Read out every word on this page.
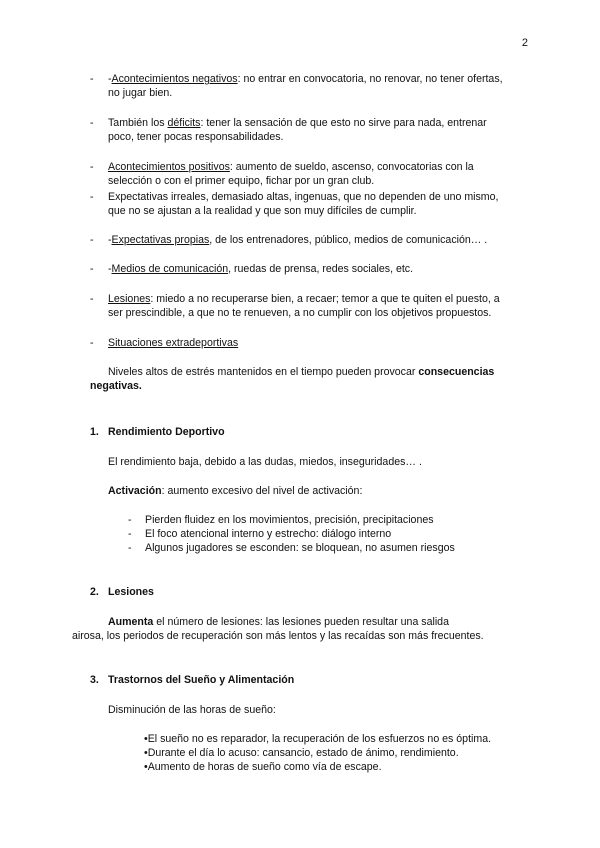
2
-	-Acontecimientos negativos: no entrar en convocatoria, no renovar, no tener ofertas,
no jugar bien.
-	También los déficits: tener la sensación de que esto no sirve para nada, entrenar
poco, tener pocas responsabilidades.
-	Acontecimientos positivos: aumento de sueldo, ascenso, convocatorias con la
selección o con el primer equipo, fichar por un gran club.
-	Expectativas irreales, demasiado altas, ingenuas, que no dependen de uno mismo,
que no se ajustan a la realidad y que son muy difíciles de cumplir.
-	-Expectativas propias, de los entrenadores, público, medios de comunicación… .
-	-Medios de comunicación, ruedas de prensa, redes sociales, etc.
-	Lesiones: miedo a no recuperarse bien, a recaer; temor a que te quiten el puesto, a
ser prescindible, a que no te renueven, a no cumplir con los objetivos propuestos.
-	Situaciones extradeportivas
Niveles altos de estrés mantenidos en el tiempo pueden provocar consecuencias
negativas.
1. Rendimiento Deportivo
El rendimiento baja, debido a las dudas, miedos, inseguridades… .
Activación: aumento excesivo del nivel de activación:
-	Pierden fluidez en los movimientos, precisión, precipitaciones
-	El foco atencional interno y estrecho: diálogo interno
-	Algunos jugadores se esconden: se bloquean, no asumen riesgos
2. Lesiones
Aumenta el número de lesiones: las lesiones pueden resultar una salida
airosa, los periodos de recuperación son más lentos y las recaídas son más frecuentes.
3. Trastornos del Sueño y Alimentación
Disminución de las horas de sueño:
•El sueño no es reparador, la recuperación de los esfuerzos no es óptima.
•Durante el día lo acuso: cansancio, estado de ánimo, rendimiento.
•Aumento de horas de sueño como vía de escape.
